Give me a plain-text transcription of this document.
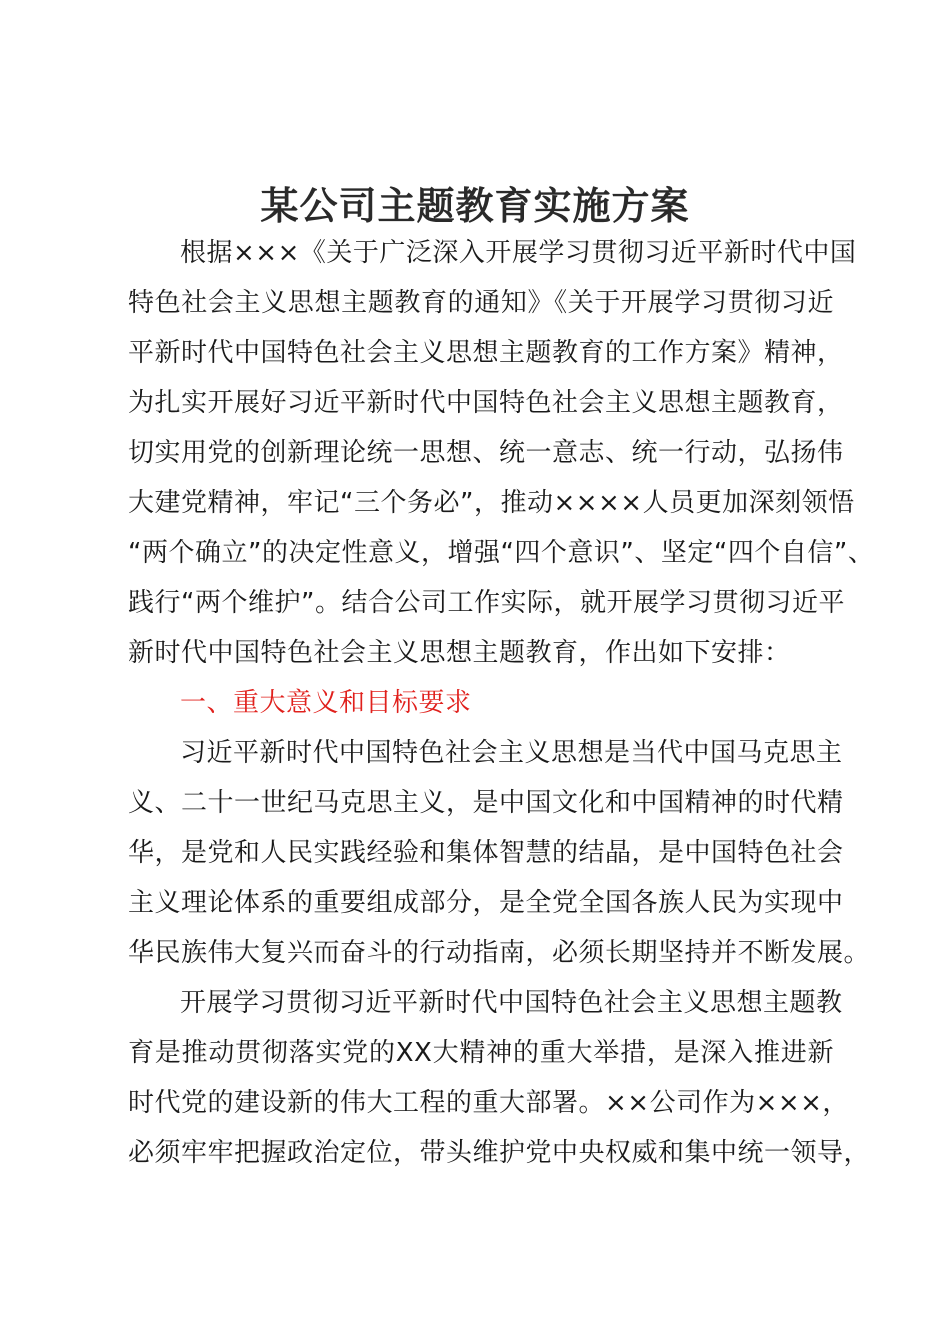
某公司主题教育实施方案
根据×××《关于广泛深入开展学习贯彻习近平新时代中国
特色社会主义思想主题教育的通知》《关于开展学习贯彻习近
平新时代中国特色社会主义思想主题教育的工作方案》精神，
为扎实开展好习近平新时代中国特色社会主义思想主题教育，
切实用党的创新理论统一思想、统一意志、统一行动，弘扬伟
大建党精神，牢记“三个务必”，推动××××人员更加深刻领悟
“两个确立”的决定性意义，增强“四个意识”、坚定“四个自信”、
践行“两个维护”。结合公司工作实际，就开展学习贯彻习近平
新时代中国特色社会主义思想主题教育，作出如下安排：
一、重大意义和目标要求
习近平新时代中国特色社会主义思想是当代中国马克思主
义、二十一世纪马克思主义，是中国文化和中国精神的时代精
华，是党和人民实践经验和集体智慧的结晶，是中国特色社会
主义理论体系的重要组成部分，是全党全国各族人民为实现中
华民族伟大复兴而奋斗的行动指南，必须长期坚持并不断发展。
开展学习贯彻习近平新时代中国特色社会主义思想主题教
育是推动贯彻落实党的XX大精神的重大举措，是深入推进新
时代党的建设新的伟大工程的重大部署。××公司作为×××，
必须牢牢把握政治定位，带头维护党中央权威和集中统一领导，
